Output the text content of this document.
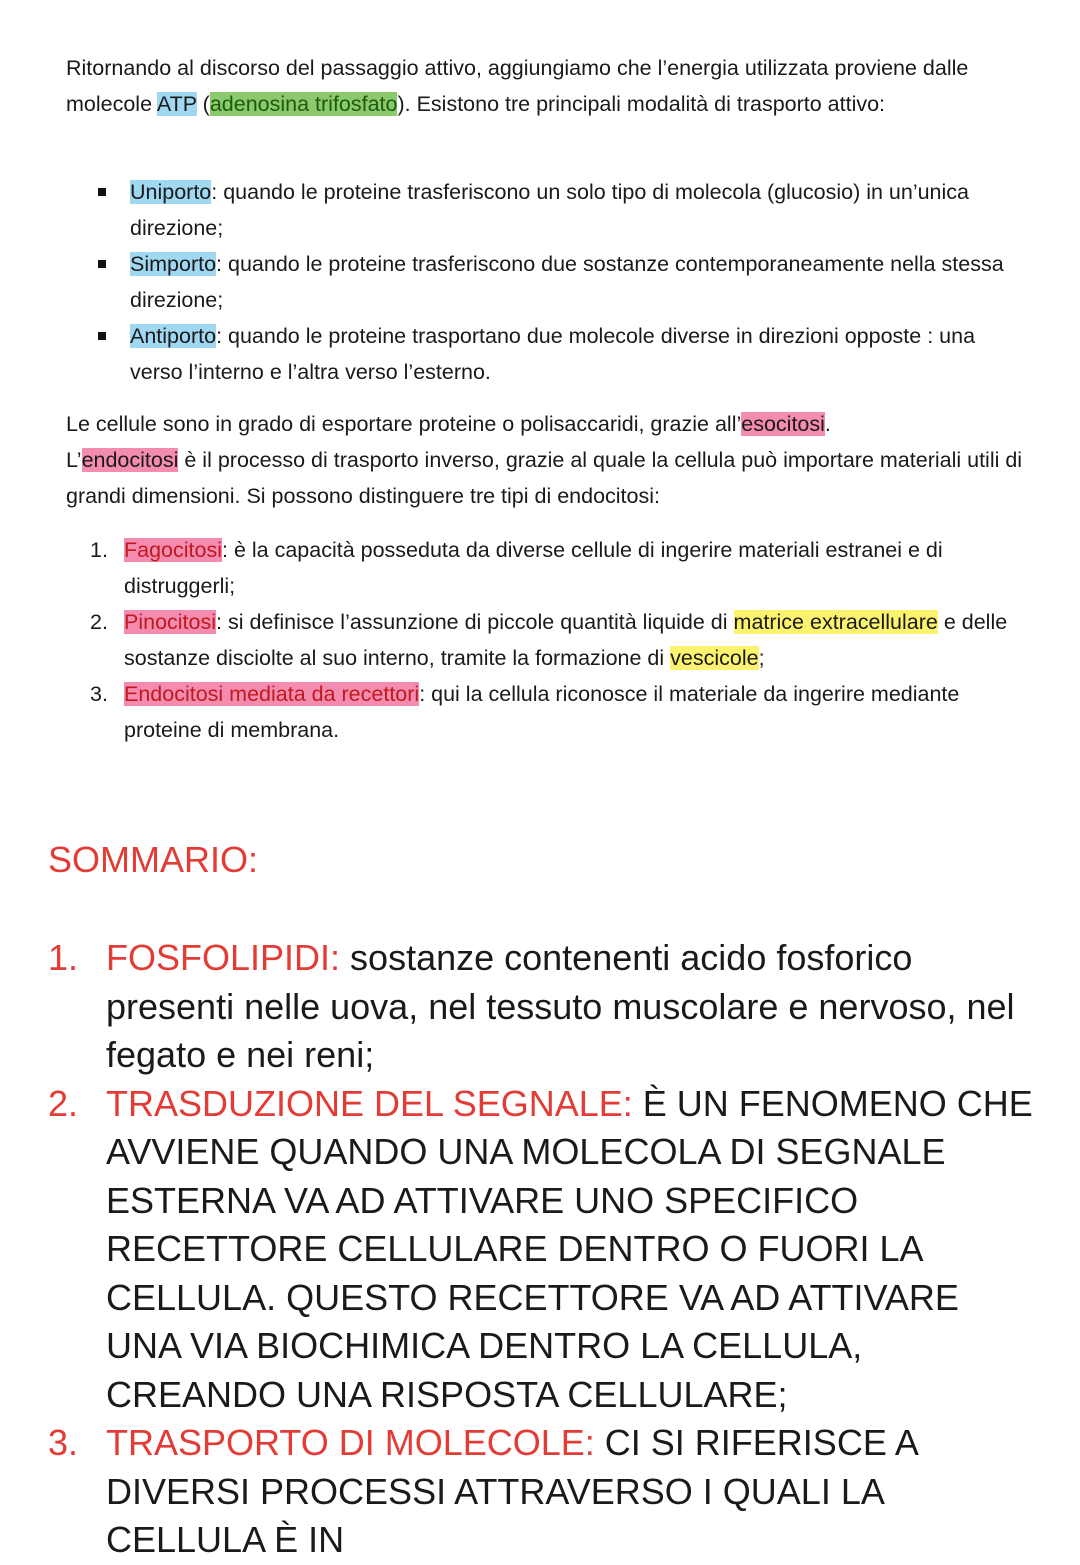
Ritornando al discorso del passaggio attivo, aggiungiamo che l’energia utilizzata proviene dalle molecole ATP (adenosina trifosfato). Esistono tre principali modalità di trasporto attivo:

Uniporto: quando le proteine trasferiscono un solo tipo di molecola (glucosio) in un’unica direzione;
Simporto: quando le proteine trasferiscono due sostanze contemporaneamente nella stessa direzione;
Antiporto: quando le proteine trasportano due molecole diverse in direzioni opposte : una verso l’interno e l’altra verso l’esterno.

Le cellule sono in grado di esportare proteine o polisaccaridi, grazie all’esocitosi.
L’endocitosi è il processo di trasporto inverso, grazie al quale la cellula può importare materiali utili di grandi dimensioni. Si possono distinguere tre tipi di endocitosi:

1. Fagocitosi: è la capacità posseduta da diverse cellule di ingerire materiali estranei e di distruggerli;
2. Pinocitosi: si definisce l’assunzione di piccole quantità liquide di matrice extracellulare e delle sostanze disciolte al suo interno, tramite la formazione di vescicole;
3. Endocitosi mediata da recettori: qui la cellula riconosce il materiale da ingerire mediante proteine di membrana.
SOMMARIO:
1. FOSFOLIPIDI: sostanze contenenti acido fosforico presenti nelle uova, nel tessuto muscolare e nervoso, nel fegato e nei reni;
2. TRASDUZIONE DEL SEGNALE: È UN FENOMENO CHE AVVIENE QUANDO UNA MOLECOLA DI SEGNALE ESTERNA VA AD ATTIVARE UNO SPECIFICO RECETTORE CELLULARE DENTRO O FUORI LA CELLULA. QUESTO RECETTORE VA AD ATTIVARE UNA VIA BIOCHIMICA DENTRO LA CELLULA, CREANDO UNA RISPOSTA CELLULARE;
3. TRASPORTO DI MOLECOLE: CI SI RIFERISCE A DIVERSI PROCESSI ATTRAVERSO I QUALI LA CELLULA È IN
